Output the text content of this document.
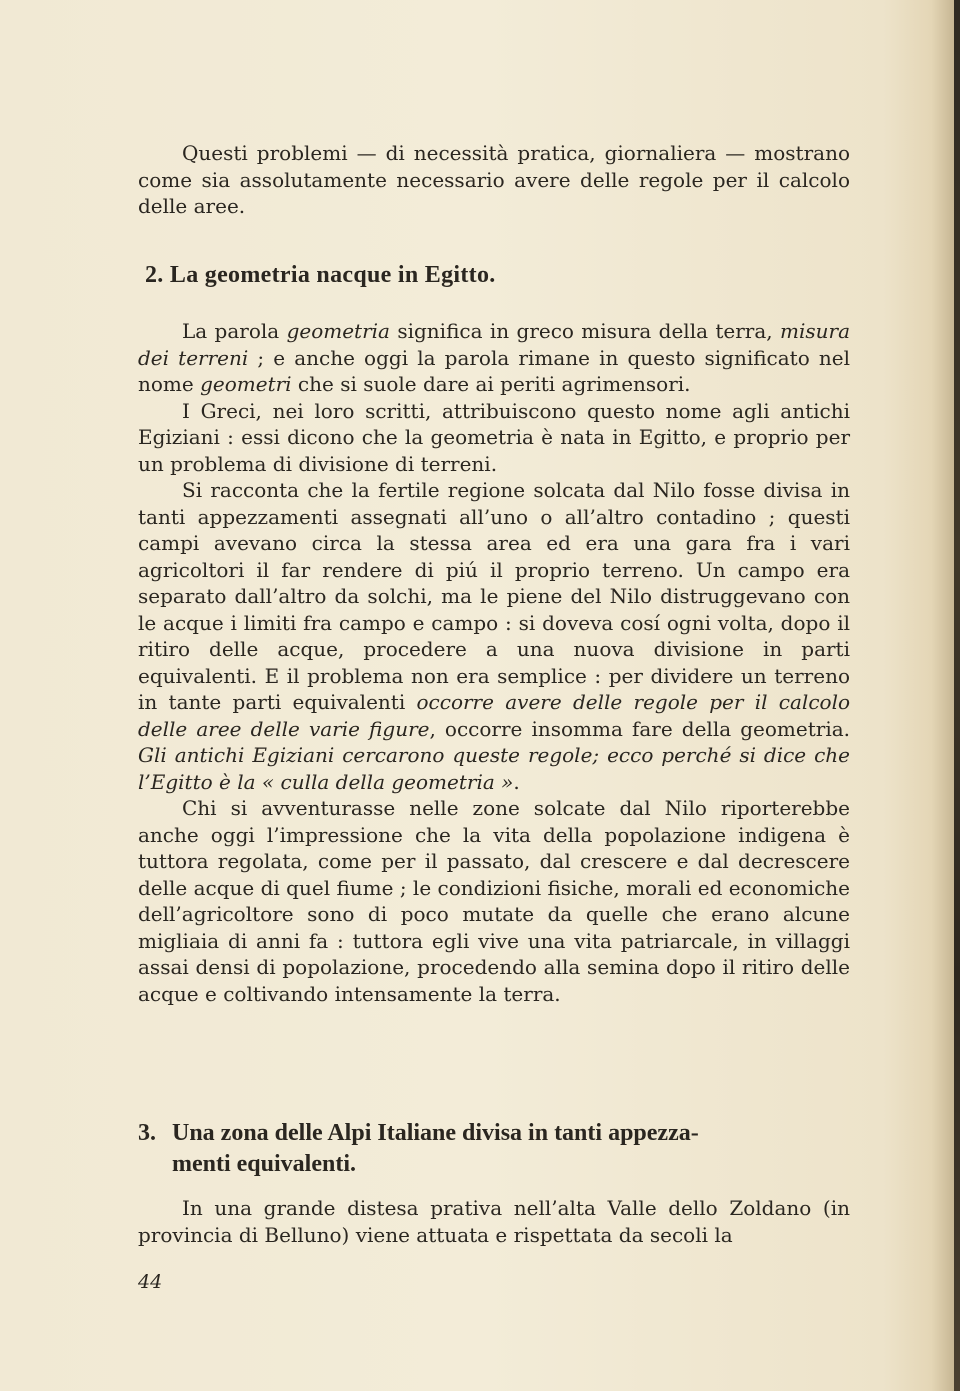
Questi problemi — di necessità pratica, giornaliera — mostrano come sia assolutamente necessario avere delle regole per il calcolo delle aree.

2. La geometria nacque in Egitto.

La parola geometria significa in greco misura della terra, misura dei terreni ; e anche oggi la parola rimane in questo significato nel nome geometri che si suole dare ai periti agrimensori.

I Greci, nei loro scritti, attribuiscono questo nome agli antichi Egiziani : essi dicono che la geometria è nata in Egitto, e proprio per un problema di divisione di terreni.

Si racconta che la fertile regione solcata dal Nilo fosse divisa in tanti appezzamenti assegnati all’uno o all’altro contadino ; questi campi avevano circa la stessa area ed era una gara fra i vari agricoltori il far rendere di piú il proprio terreno. Un campo era separato dall’altro da solchi, ma le piene del Nilo distruggevano con le acque i limiti fra campo e campo : si doveva cosí ogni volta, dopo il ritiro delle acque, procedere a una nuova divisione in parti equivalenti. E il problema non era semplice : per dividere un terreno in tante parti equivalenti occorre avere delle regole per il calcolo delle aree delle varie figure, occorre insomma fare della geometria. Gli antichi Egiziani cercarono queste regole; ecco perché si dice che l’Egitto è la « culla della geometria ».

Chi si avventurasse nelle zone solcate dal Nilo riporterebbe anche oggi l’impressione che la vita della popolazione indigena è tuttora regolata, come per il passato, dal crescere e dal decrescere delle acque di quel fiume ; le condizioni fisiche, morali ed economiche dell’agricoltore sono di poco mutate da quelle che erano alcune migliaia di anni fa : tuttora egli vive una vita patriarcale, in villaggi assai densi di popolazione, procedendo alla semina dopo il ritiro delle acque e coltivando intensamente la terra.

3. Una zona delle Alpi Italiane divisa in tanti appezza-
menti equivalenti.

In una grande distesa prativa nell’alta Valle dello Zoldano (in provincia di Belluno) viene attuata e rispettata da secoli la

44
